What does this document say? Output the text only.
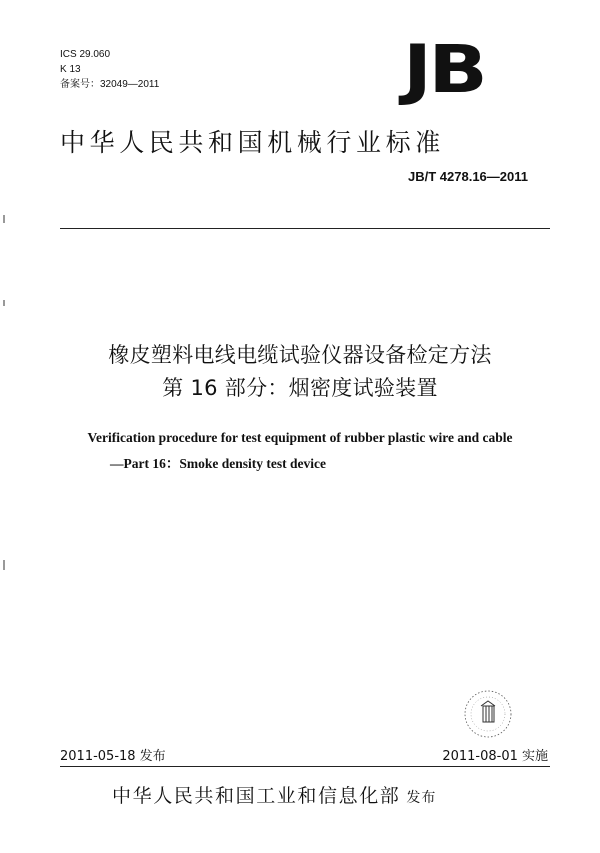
ICS 29.060
K 13
备案号：32049—2011	JB
中华人民共和国机械行业标准
JB/T 4278.16—2011
橡皮塑料电线电缆试验仪器设备检定方法
第 16 部分：烟密度试验装置
Verification procedure for test equipment of rubber plastic wire and cable
—Part 16：Smoke density test device
2011-05-18 发布	2011-08-01 实施
中华人民共和国工业和信息化部 发布
